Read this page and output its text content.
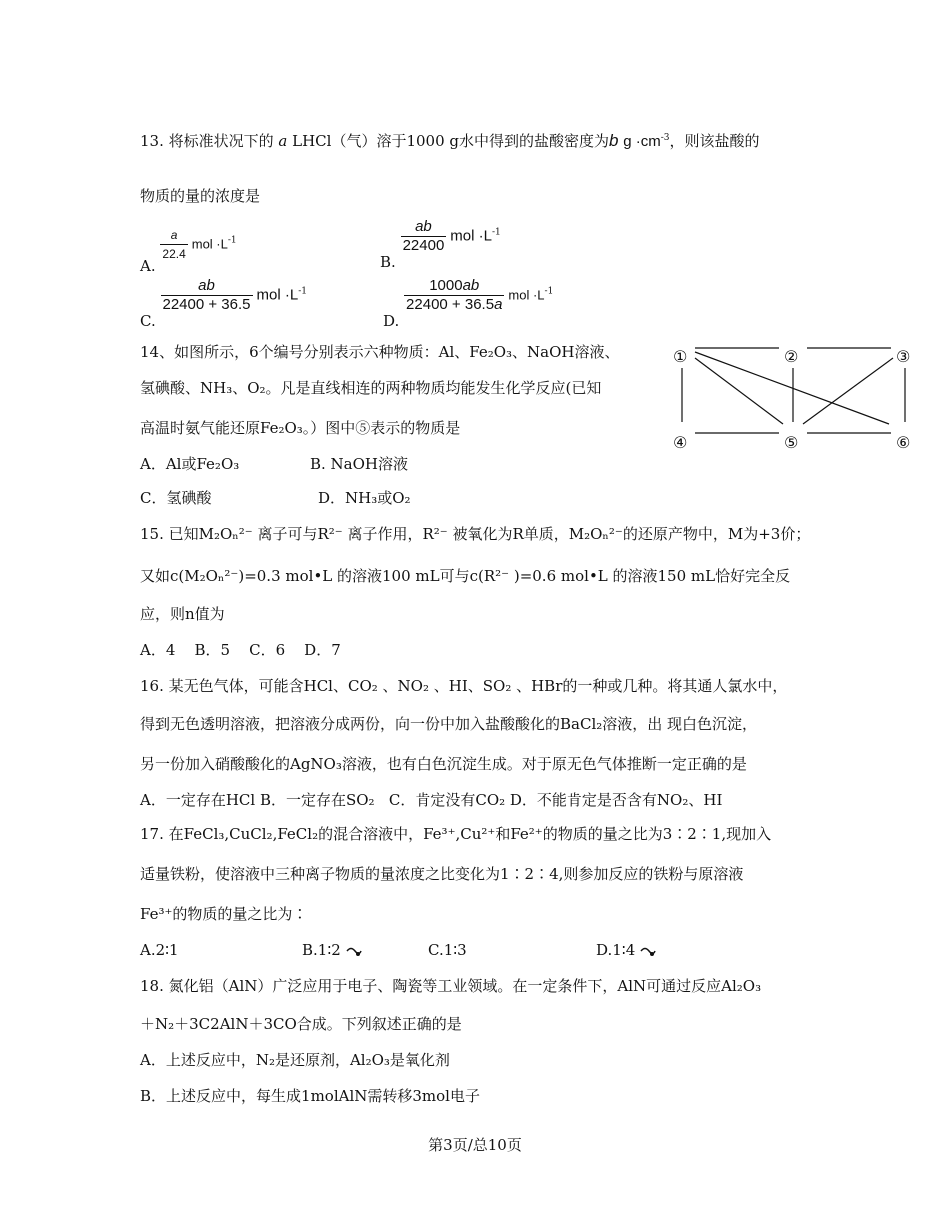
13. 将标准状况下的 a LHCl（气）溶于1000 g水中得到的盐酸密度为b $g \cdot cm^{-3}$，则该盐酸的
物质的量的浓度是
A.
$\frac{a}{22.4}$ mol $\cdot L^{-1}$
B.
$\frac{ab}{22400}$ mol $\cdot L^{-1}$
C.
$\frac{ab}{22400 + 36.5}$ mol $\cdot L^{-1}$
D.
$\frac{1000ab}{22400 + 36.5a}$ mol $\cdot L^{-1}$
14、如图所示，6个编号分别表示六种物质：Al、Fe₂O₃、NaOH溶液、
氢碘酸、NH₃、O₂。凡是直线相连的两种物质均能发生化学反应(已知
高温时氨气能还原Fe₂O₃。）图中⑤表示的物质是
A．Al或Fe₂O₃	B. NaOH溶液
C．氢碘酸	D．NH₃或O₂
①	②	③
④	⑤	⑥
15. 已知M₂Oₙ²⁻ 离子可与R²⁻ 离子作用，R²⁻ 被氧化为R单质，M₂Oₙ²⁻的还原产物中，M为+3价；
又如c(M₂Oₙ²⁻)=0.3 mol•L 的溶液100 mL可与c(R²⁻ )=0.6 mol•L 的溶液150 mL恰好完全反
应，则n值为
A．4    B．5    C．6    D．7
16. 某无色气体，可能含HCl、CO₂ 、NO₂ 、HI、SO₂ 、HBr的一种或几种。将其通人氯水中，
得到无色透明溶液，把溶液分成两份，向一份中加入盐酸酸化的BaCl₂溶液，出 现白色沉淀，
另一份加入硝酸酸化的AgNO₃溶液，也有白色沉淀生成。对于原无色气体推断一定正确的是
A．一定存在HCl B．一定存在SO₂   C．肯定没有CO₂ D．不能肯定是否含有NO₂、HI
17. 在FeCl₃,CuCl₂,FeCl₂的混合溶液中，Fe³⁺,Cu²⁺和Fe²⁺的物质的量之比为3∶2∶1,现加入
适量铁粉，使溶液中三种离子物质的量浓度之比变化为1∶2∶4,则参加反应的铁粉与原溶液
Fe³⁺的物质的量之比为∶
A.2∶1	B.1∶2	C.1∶3	D.1∶4
18. 氮化铝（AlN）广泛应用于电子、陶瓷等工业领域。在一定条件下，AlN可通过反应Al₂O₃
＋N₂＋3C2AlN＋3CO合成。下列叙述正确的是
A．上述反应中，N₂是还原剂，Al₂O₃是氧化剂
B．上述反应中，每生成1molAlN需转移3mol电子
第3页/总10页
